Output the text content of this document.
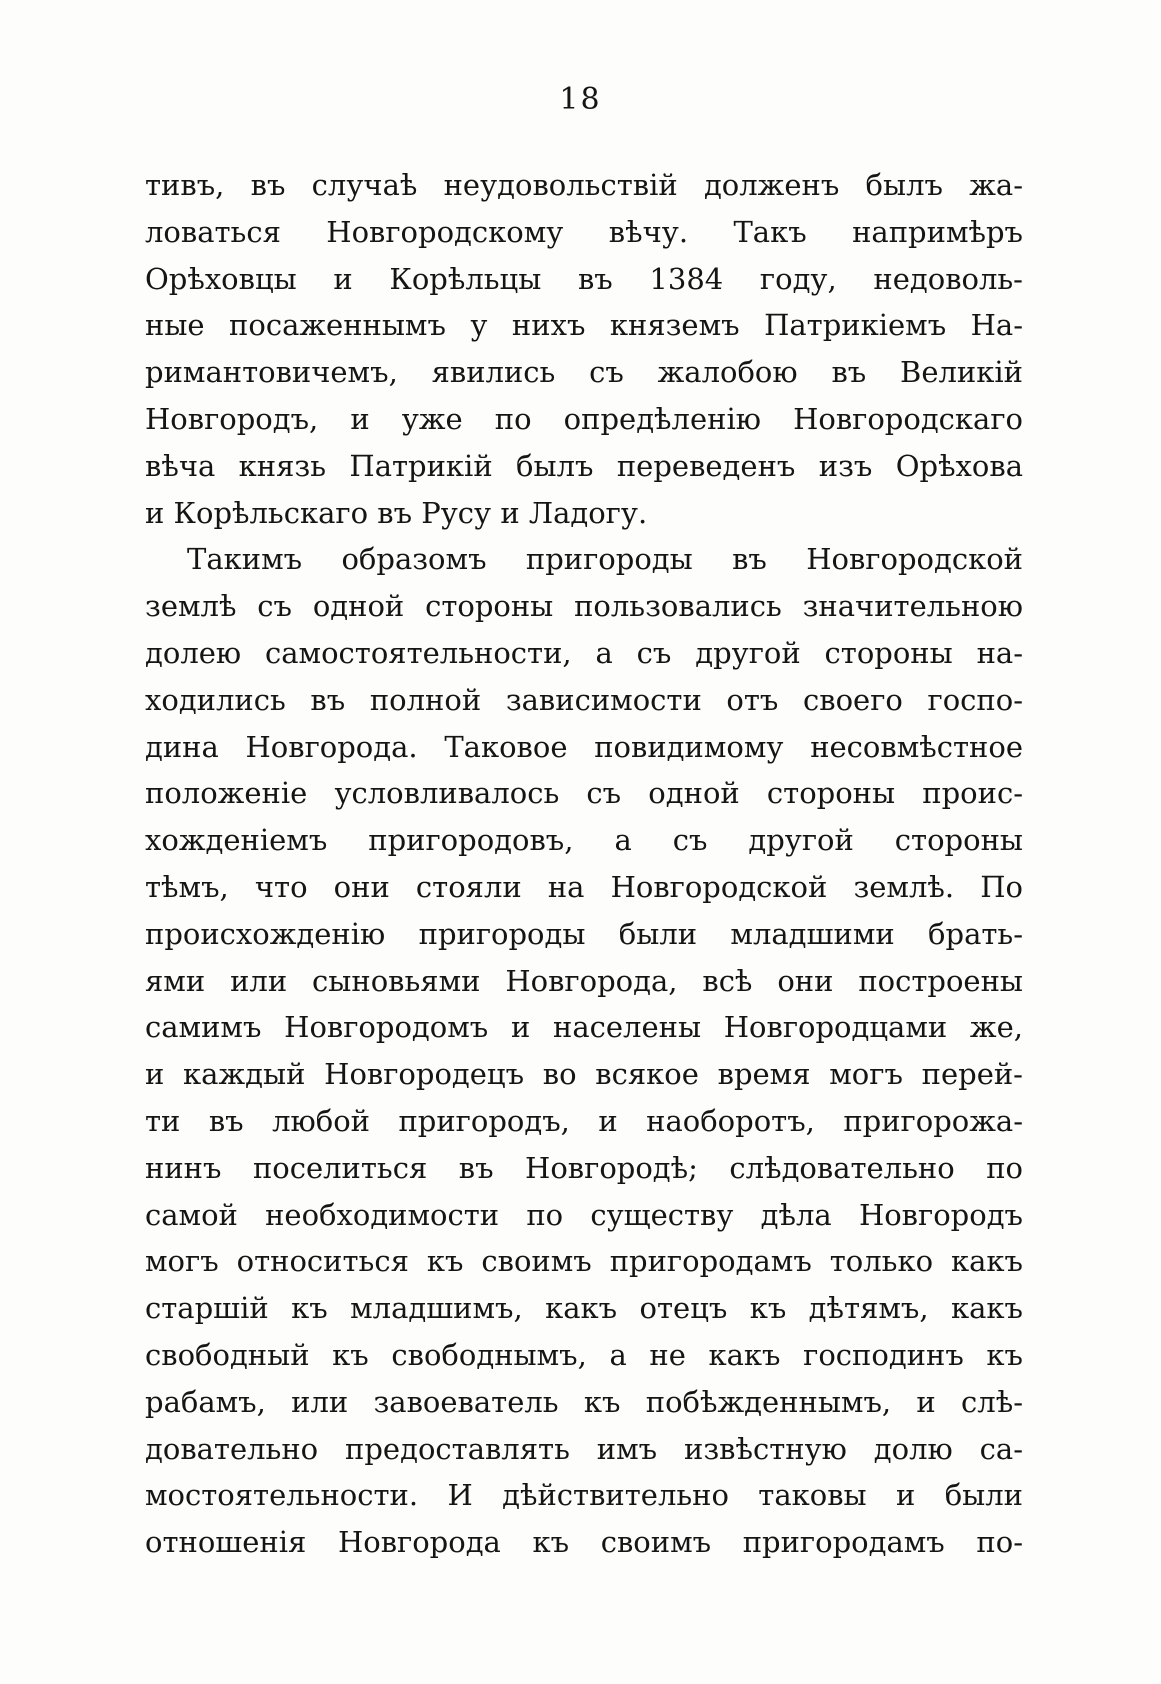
18
тивъ, въ случаѣ неудовольствій долженъ былъ жа-
ловаться Новгородскому вѣчу. Такъ напримѣръ
Орѣховцы и Корѣльцы въ 1384 году, недоволь-
ные посаженнымъ у нихъ княземъ Патрикіемъ На-
римантовичемъ, явились съ жалобою въ Великій
Новгородъ, и уже по опредѣленію Новгородскаго
вѣча князь Патрикій былъ переведенъ изъ Орѣхова
и Корѣльскаго въ Русу и Ладогу.
Такимъ образомъ пригороды въ Новгородской
землѣ съ одной стороны пользовались значительною
долею самостоятельности, а съ другой стороны на-
ходились въ полной зависимости отъ своего госпо-
дина Новгорода. Таковое повидимому несовмѣстное
положеніе условливалось съ одной стороны проис-
хожденіемъ пригородовъ, а съ другой стороны
тѣмъ, что они стояли на Новгородской землѣ. По
происхожденію пригороды были младшими брать-
ями или сыновьями Новгорода, всѣ они построены
самимъ Новгородомъ и населены Новгородцами же,
и каждый Новгородецъ во всякое время могъ перей-
ти въ любой пригородъ, и наоборотъ, пригорожа-
нинъ поселиться въ Новгородѣ; слѣдовательно по
самой необходимости по существу дѣла Новгородъ
могъ относиться къ своимъ пригородамъ только какъ
старшій къ младшимъ, какъ отецъ къ дѣтямъ, какъ
свободный къ свободнымъ, а не какъ господинъ къ
рабамъ, или завоеватель къ побѣжденнымъ, и слѣ-
довательно предоставлять имъ извѣстную долю са-
мостоятельности. И дѣйствительно таковы и были
отношенія Новгорода къ своимъ пригородамъ по-
